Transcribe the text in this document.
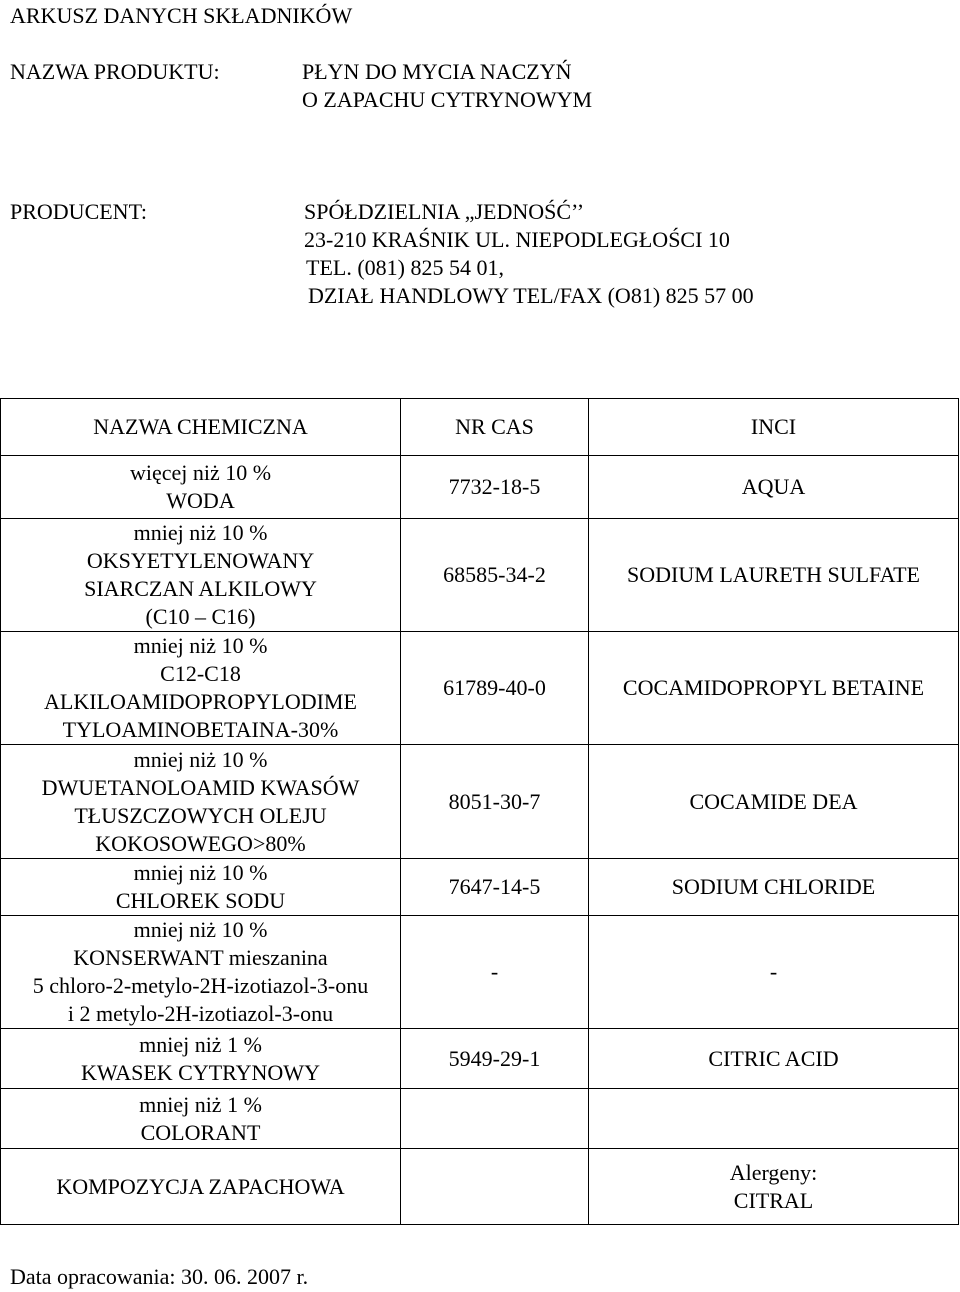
ARKUSZ DANYCH SKŁADNIKÓW
NAZWA PRODUKTU:	PŁYN DO MYCIA NACZYŃ
O ZAPACHU CYTRYNOWYM
PRODUCENT:	SPÓŁDZIELNIA „JEDNOŚĆ’’
23-210 KRAŚNIK UL. NIEPODLEGŁOŚCI 10
TEL. (081) 825 54 01,
DZIAŁ HANDLOWY TEL/FAX (O81) 825 57 00
NAZWA CHEMICZNA	NR CAS	INCI

więcej niż 10 %
WODA	7732-18-5	AQUA

mniej niż 10 %
OKSYETYLENOWANY
SIARCZAN ALKILOWY
(C10 – C16)	68585-34-2	SODIUM LAURETH SULFATE

mniej niż 10 %
C12-C18
ALKILOAMIDOPROPYLODIME
TYLOAMINOBETAINA-30%	61789-40-0	COCAMIDOPROPYL BETAINE

mniej niż 10 %
DWUETANOLOAMID KWASÓW
TŁUSZCZOWYCH OLEJU
KOKOSOWEGO>80%	8051-30-7	COCAMIDE DEA

mniej niż 10 %
CHLOREK SODU	7647-14-5	SODIUM CHLORIDE

mniej niż 10 %
KONSERWANT mieszanina
5 chloro-2-metylo-2H-izotiazol-3-onu
i 2 metylo-2H-izotiazol-3-onu	-	-

mniej niż 1 %
KWASEK CYTRYNOWY	5949-29-1	CITRIC ACID

mniej niż 1 %
COLORANT		

KOMPOZYCJA ZAPACHOWA		Alergeny:
CITRAL
Data opracowania: 30. 06. 2007 r.
